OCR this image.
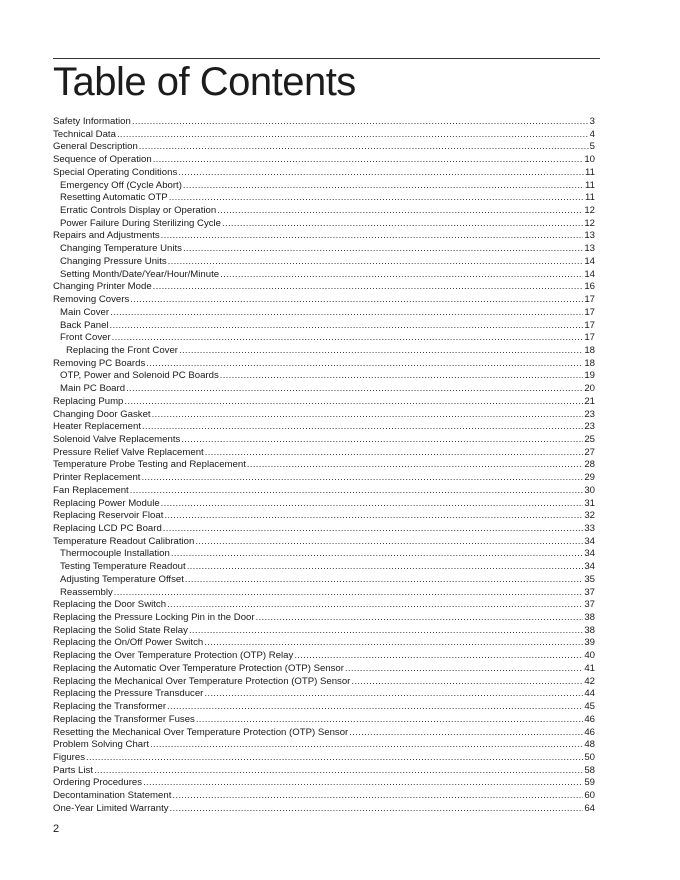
Table of Contents
Safety Information .....	3
Technical Data .....	4
General Description .....	5
Sequence of Operation .....	10
Special Operating Conditions .....	11
Emergency Off (Cycle Abort) .....	11
Resetting Automatic OTP .....	11
Erratic Controls Display or Operation .....	12
Power Failure During Sterilizing Cycle .....	12
Repairs and Adjustments .....	13
Changing Temperature Units .....	13
Changing Pressure Units .....	14
Setting Month/Date/Year/Hour/Minute .....	14
Changing Printer Mode .....	16
Removing Covers .....	17
Main Cover .....	17
Back Panel .....	17
Front Cover .....	17
Replacing the Front Cover .....	18
Removing PC Boards .....	18
OTP, Power and Solenoid PC Boards .....	19
Main PC Board .....	20
Replacing Pump .....	21
Changing Door Gasket .....	23
Heater Replacement .....	23
Solenoid Valve Replacements .....	25
Pressure Relief Valve Replacement .....	27
Temperature Probe Testing and Replacement .....	28
Printer Replacement .....	29
Fan Replacement .....	30
Replacing Power Module .....	31
Replacing Reservoir Float .....	32
Replacing LCD PC Board .....	33
Temperature Readout Calibration .....	34
Thermocouple Installation .....	34
Testing Temperature Readout .....	34
Adjusting Temperature Offset .....	35
Reassembly .....	37
Replacing the Door Switch .....	37
Replacing the Pressure Locking Pin in the Door .....	38
Replacing the Solid State Relay .....	38
Replacing the On/Off Power Switch .....	39
Replacing the Over Temperature Protection (OTP) Relay .....	40
Replacing the Automatic Over Temperature Protection (OTP) Sensor .....	41
Replacing the Mechanical Over Temperature Protection (OTP) Sensor .....	42
Replacing the Pressure Transducer .....	44
Replacing the Transformer .....	45
Replacing the Transformer Fuses .....	46
Resetting the Mechanical Over Temperature Protection (OTP) Sensor .....	46
Problem Solving Chart .....	48
Figures .....	50
Parts List .....	58
Ordering Procedures .....	59
Decontamination Statement .....	60
One-Year Limited Warranty .....	64
2
